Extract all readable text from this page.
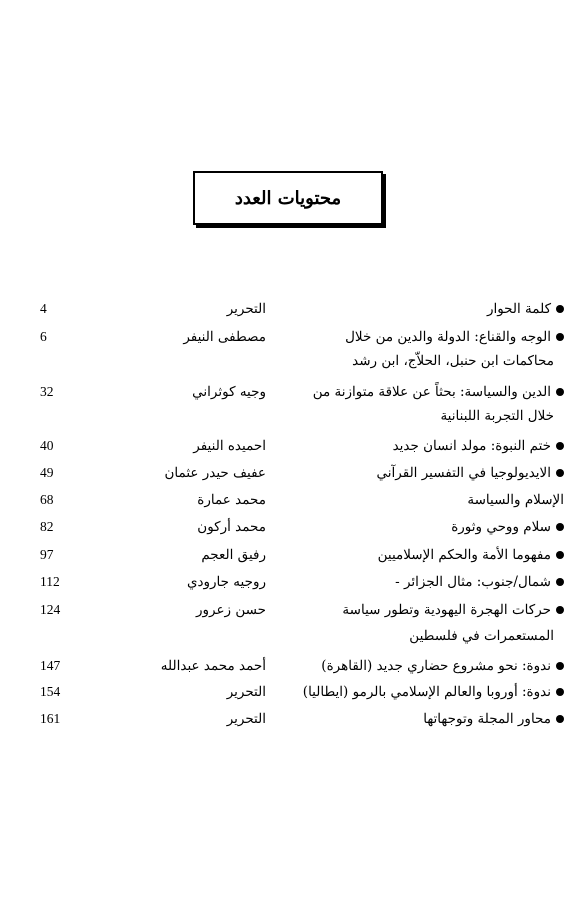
محتويات العدد
كلمة الحوار
التحرير
4
الوجه والقناع: الدولة والدين من خلال
مصطفى النيفر
6
محاكمات ابن حنبل، الحلاّج، ابن رشد
الدين والسياسة: بحثاً عن علاقة متوازنة من
وجيه كوثراني
32
خلال التجربة اللبنانية
ختم النبوة: مولد انسان جديد
احميده النيفر
40
الايديولوجيا في التفسير القرآني
عفيف حيدر عثمان
49
الإسلام والسياسة
محمد عمارة
68
سلام ووحي وثورة
محمد أركون
82
مفهوما الأمة والحكم الإسلاميين
رفيق العجم
97
شمال/جنوب: مثال الجزائر -
روجيه جارودي
112
حركات الهجرة اليهودية وتطور سياسة
حسن زعرور
124
المستعمرات في فلسطين
ندوة: نحو مشروع حضاري جديد (القاهرة)
أحمد محمد عبدالله
147
ندوة: أوروبا والعالم الإسلامي بالرمو (ايطاليا)
التحرير
154
محاور المجلة وتوجهاتها
التحرير
161
